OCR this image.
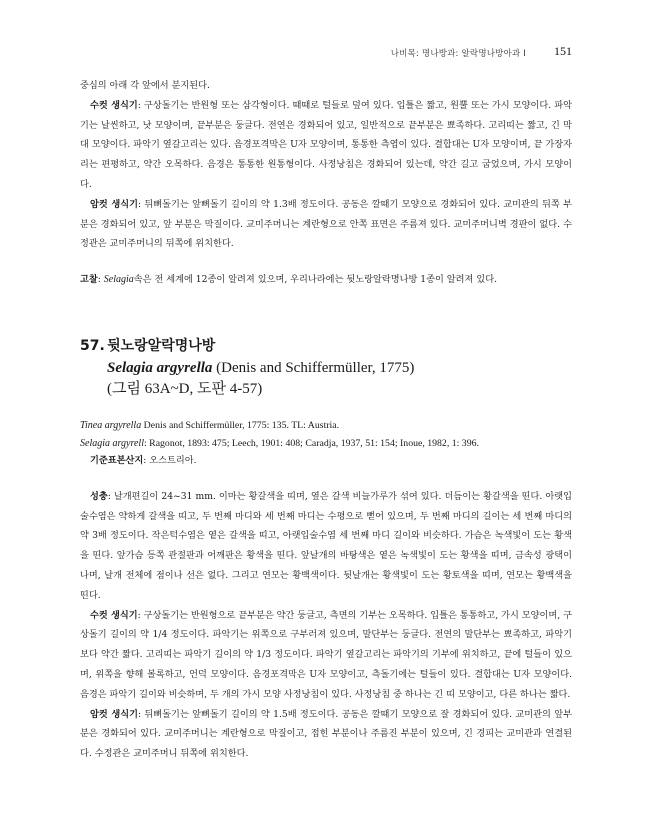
나비목: 명나방과: 알락명나방아과 I 151

중심의 아래 각 앞에서 분지된다.

수컷 생식기: 구상돌기는 반원형 또는 삼각형이다. 때때로 털들로 덮여 있다. 입틀은 짧고, 원뿔 또는 가시 모양이다. 파악기는 날씬하고, 낫 모양이며, 끝부분은 둥글다. 전연은 경화되어 있고, 일반적으로 끝부분은 뾰족하다. 고리띠는 짧고, 긴 막대 모양이다. 파악기 옆갈고리는 있다. 음경포격막은 U자 모양이며, 통통한 측엽이 있다. 결합대는 U자 모양이며, 끝 가장자리는 편평하고, 약간 오목하다. 음경은 통통한 원통형이다. 사정낭침은 경화되어 있는데, 약간 길고 굽었으며, 가시 모양이다.

암컷 생식기: 뒤뼈돌기는 앞뼈돌기 길이의 약 1.3배 정도이다. 공동은 깔때기 모양으로 경화되어 있다. 교미관의 뒤쪽 부분은 경화되어 있고, 앞 부분은 막질이다. 교미주머니는 계란형으로 안쪽 표면은 주름져 있다. 교미주머니벽 경판이 없다. 수정관은 교미주머니의 뒤쪽에 위치한다.

고찰: Selagia속은 전 세계에 12종이 알려져 있으며, 우리나라에는 뒷노랑알락명나방 1종이 알려져 있다.

57. 뒷노랑알락명나방
Selagia argyrella (Denis and Schiffermüller, 1775)
(그림 63A~D, 도판 4-57)
Tinea argyrella Denis and Schiffermüller, 1775: 135. TL: Austria.
Selagia argyrell: Ragonot, 1893: 475; Leech, 1901: 408; Caradja, 1937, 51: 154; Inoue, 1982, 1: 396.
기준표본산지: 오스트리아.

성충: 날개편길이 24~31 mm. 이마는 황갈색을 띠며, 옆은 갈색 비늘가루가 섞여 있다. 더듬이는 황갈색을 띤다. 아랫입술수염은 약하게 갈색을 띠고, 두 번째 마디와 세 번째 마디는 수평으로 뻗어 있으며, 두 번째 마디의 길이는 세 번째 마디의 약 3배 정도이다. 작은턱수염은 옅은 갈색을 띠고, 아랫입술수염 세 번째 마디 길이와 비슷하다. 가슴은 녹색빛이 도는 황색을 띤다. 앞가슴 등쪽 관절판과 어깨판은 황색을 띤다. 앞날개의 바탕색은 옅은 녹색빛이 도는 황색을 띠며, 금속성 광택이 나며, 날개 전체에 점이나 선은 없다. 그리고 연모는 황백색이다. 뒷날개는 황색빛이 도는 황토색을 띠며, 연모는 황백색을 띤다.

수컷 생식기: 구상돌기는 반원형으로 끝부분은 약간 둥글고, 측면의 기부는 오목하다. 입틀은 통통하고, 가시 모양이며, 구상돌기 길이의 약 1/4 정도이다. 파악기는 위쪽으로 구부러져 있으며, 말단부는 둥글다. 전연의 말단부는 뾰족하고, 파악기보다 약간 짧다. 고리띠는 파악기 길이의 약 1/3 정도이다. 파악기 옆갈고리는 파악기의 기부에 위치하고, 끝에 털들이 있으며, 위쪽을 향해 볼록하고, 언덕 모양이다. 음경포격막은 U자 모양이고, 측돌기에는 털들이 있다. 결합대는 U자 모양이다. 음경은 파악기 길이와 비슷하며, 두 개의 가시 모양 사정낭침이 있다. 사정낭침 중 하나는 긴 띠 모양이고, 다른 하나는 짧다.

암컷 생식기: 뒤뼈돌기는 앞뼈돌기 길이의 약 1.5배 정도이다. 공동은 깔때기 모양으로 잘 경화되어 있다. 교미관의 앞부분은 경화되어 있다. 교미주머니는 계란형으로 막질이고, 접힌 부분이나 주름진 부분이 있으며, 긴 경피는 교미관과 연결된다. 수정관은 교미주머니 뒤쪽에 위치한다.
